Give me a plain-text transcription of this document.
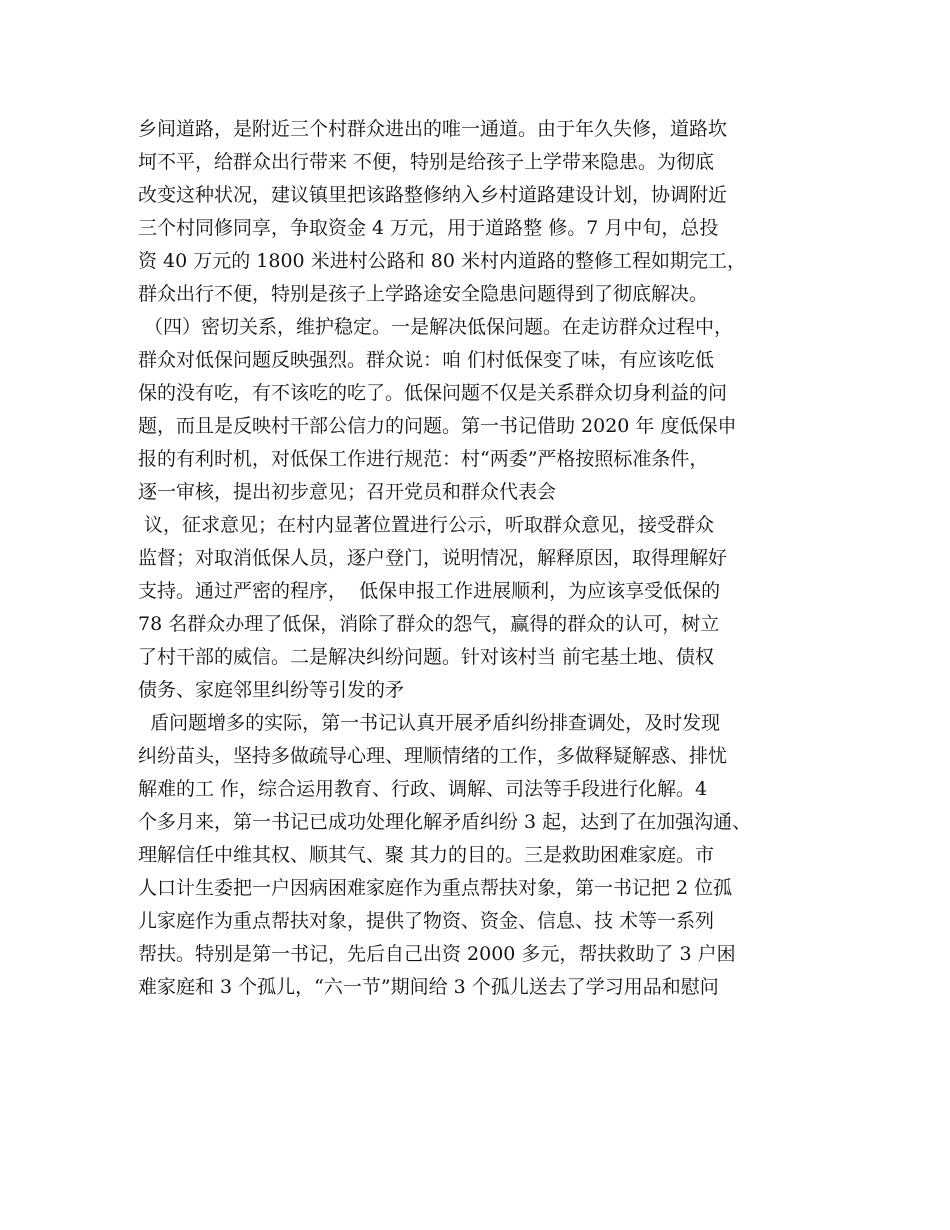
乡间道路，是附近三个村群众进出的唯一通道。由于年久失修，道路坎
坷不平，给群众出行带来 不便，特别是给孩子上学带来隐患。为彻底
改变这种状况，建议镇里把该路整修纳入乡村道路建设计划，协调附近
三个村同修同享，争取资金 4 万元，用于道路整 修。7 月中旬，总投
资 40 万元的 1800 米进村公路和 80 米村内道路的整修工程如期完工，
群众出行不便，特别是孩子上学路途安全隐患问题得到了彻底解决。
（四）密切关系，维护稳定。一是解决低保问题。在走访群众过程中，
群众对低保问题反映强烈。群众说：咱 们村低保变了味，有应该吃低
保的没有吃，有不该吃的吃了。低保问题不仅是关系群众切身利益的问
题，而且是反映村干部公信力的问题。第一书记借助 2020 年 度低保申
报的有利时机，对低保工作进行规范：村“两委”严格按照标准条件，
逐一审核，提出初步意见；召开党员和群众代表会
议，征求意见；在村内显著位置进行公示，听取群众意见，接受群众
监督；对取消低保人员，逐户登门，说明情况，解释原因，取得理解好
支持。通过严密的程序，  低保申报工作进展顺利，为应该享受低保的
78 名群众办理了低保，消除了群众的怨气，赢得的群众的认可，树立
了村干部的威信。二是解决纠纷问题。针对该村当 前宅基土地、债权
债务、家庭邻里纠纷等引发的矛
盾问题增多的实际，第一书记认真开展矛盾纠纷排查调处，及时发现
纠纷苗头，坚持多做疏导心理、理顺情绪的工作，多做释疑解惑、排忧
解难的工 作，综合运用教育、行政、调解、司法等手段进行化解。4
个多月来，第一书记已成功处理化解矛盾纠纷 3 起，达到了在加强沟通、
理解信任中维其权、顺其气、聚 其力的目的。三是救助困难家庭。市
人口计生委把一户因病困难家庭作为重点帮扶对象，第一书记把 2 位孤
儿家庭作为重点帮扶对象，提供了物资、资金、信息、技 术等一系列
帮扶。特别是第一书记，先后自己出资 2000 多元，帮扶救助了 3 户困
难家庭和 3 个孤儿，“六一节”期间给 3 个孤儿送去了学习用品和慰问
